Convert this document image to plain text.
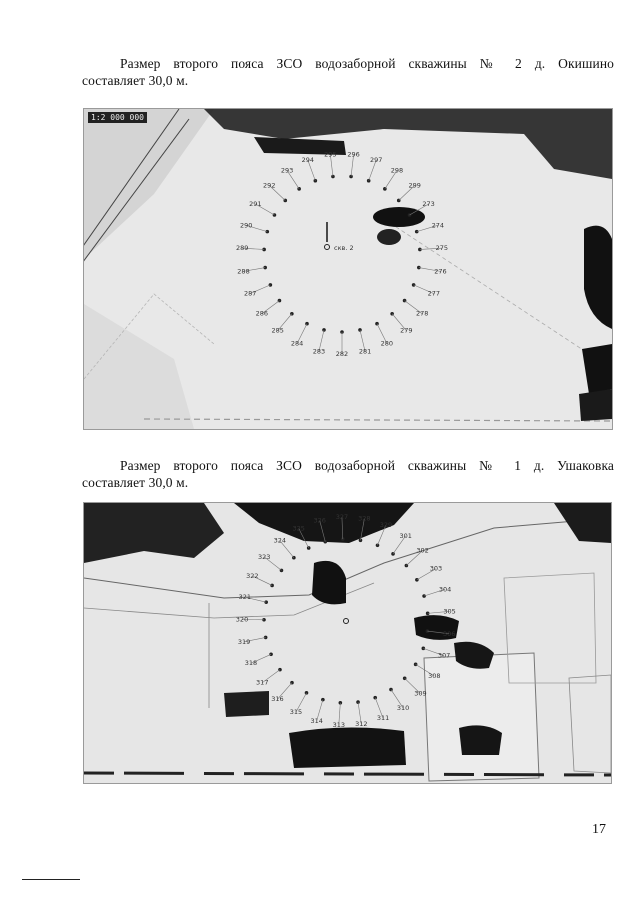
Размер второго пояса ЗСО водозаборной скважины № 2 д. Окишино
составляет 30,0 м.
273
274
275
276
277
278
279
280
281
282
283
284
285
286
287
288
289
290
291
292
293
294
295 296
297
298
299
скв. 2
1:2 000 000
Размер второго пояса ЗСО водозаборной скважины № 1 д. Ушаковка
составляет 30,0 м.
301
302
303
304
305
306
307
308
309
310
311
312
313
314
315
316
317
318
319
320
321
322
323
324
325
326 327 328
329
17
